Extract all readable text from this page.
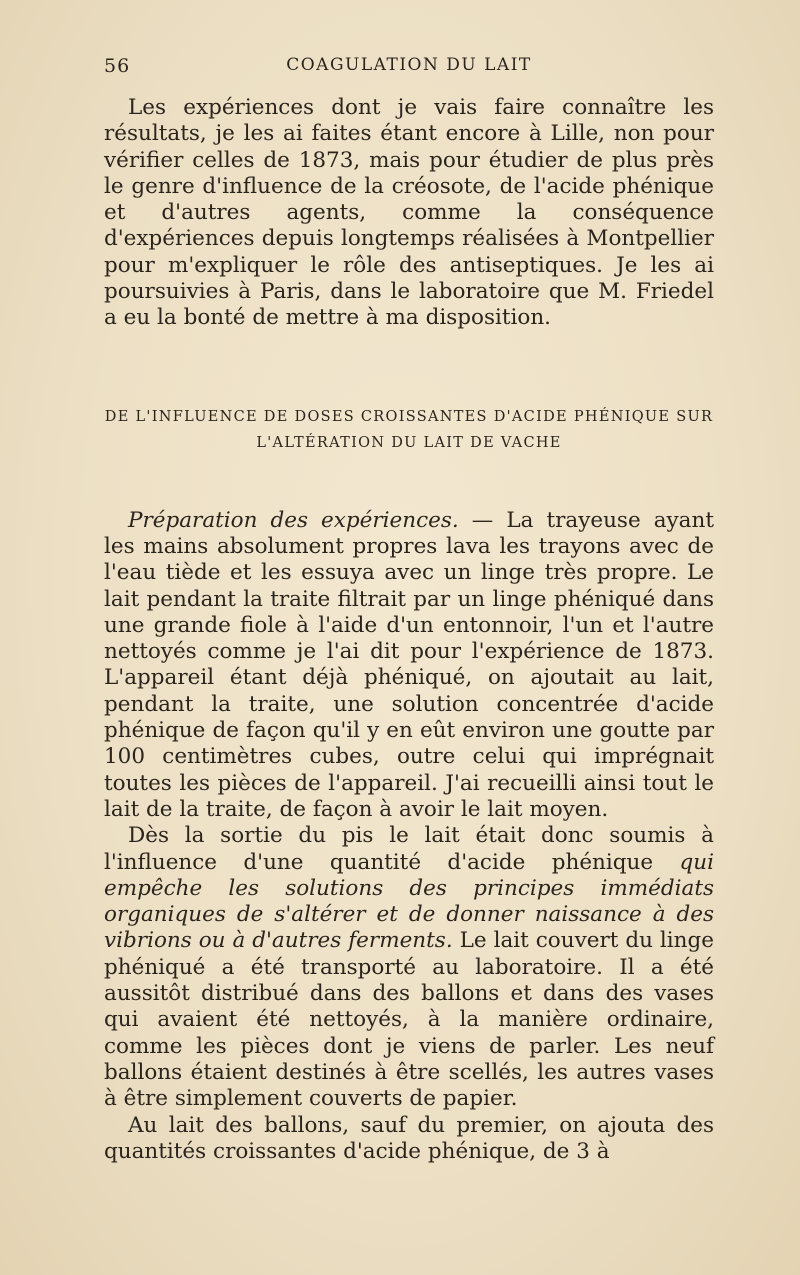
56	COAGULATION DU LAIT

Les expériences dont je vais faire connaître les résultats, je les ai faites étant encore à Lille, non pour vérifier celles de 1873, mais pour étudier de plus près le genre d'influence de la créosote, de l'acide phénique et d'autres agents, comme la conséquence d'expériences depuis longtemps réalisées à Montpellier pour m'expliquer le rôle des antiseptiques. Je les ai poursuivies à Paris, dans le laboratoire que M. Friedel a eu la bonté de mettre à ma disposition.

DE L'INFLUENCE DE DOSES CROISSANTES D'ACIDE PHÉNIQUE SUR
L'ALTÉRATION DU LAIT DE VACHE

Préparation des expériences. — La trayeuse ayant les mains absolument propres lava les trayons avec de l'eau tiède et les essuya avec un linge très propre. Le lait pendant la traite filtrait par un linge phéniqué dans une grande fiole à l'aide d'un entonnoir, l'un et l'autre nettoyés comme je l'ai dit pour l'expérience de 1873. L'appareil étant déjà phéniqué, on ajoutait au lait, pendant la traite, une solution concentrée d'acide phénique de façon qu'il y en eût environ une goutte par 100 centimètres cubes, outre celui qui imprégnait toutes les pièces de l'appareil. J'ai recueilli ainsi tout le lait de la traite, de façon à avoir le lait moyen.

Dès la sortie du pis le lait était donc soumis à l'influence d'une quantité d'acide phénique qui empêche les solutions des principes immédiats organiques de s'altérer et de donner naissance à des vibrions ou à d'autres ferments. Le lait couvert du linge phéniqué a été transporté au laboratoire. Il a été aussitôt distribué dans des ballons et dans des vases qui avaient été nettoyés, à la manière ordinaire, comme les pièces dont je viens de parler. Les neuf ballons étaient destinés à être scellés, les autres vases à être simplement couverts de papier.

Au lait des ballons, sauf du premier, on ajouta des quantités croissantes d'acide phénique, de 3 à
